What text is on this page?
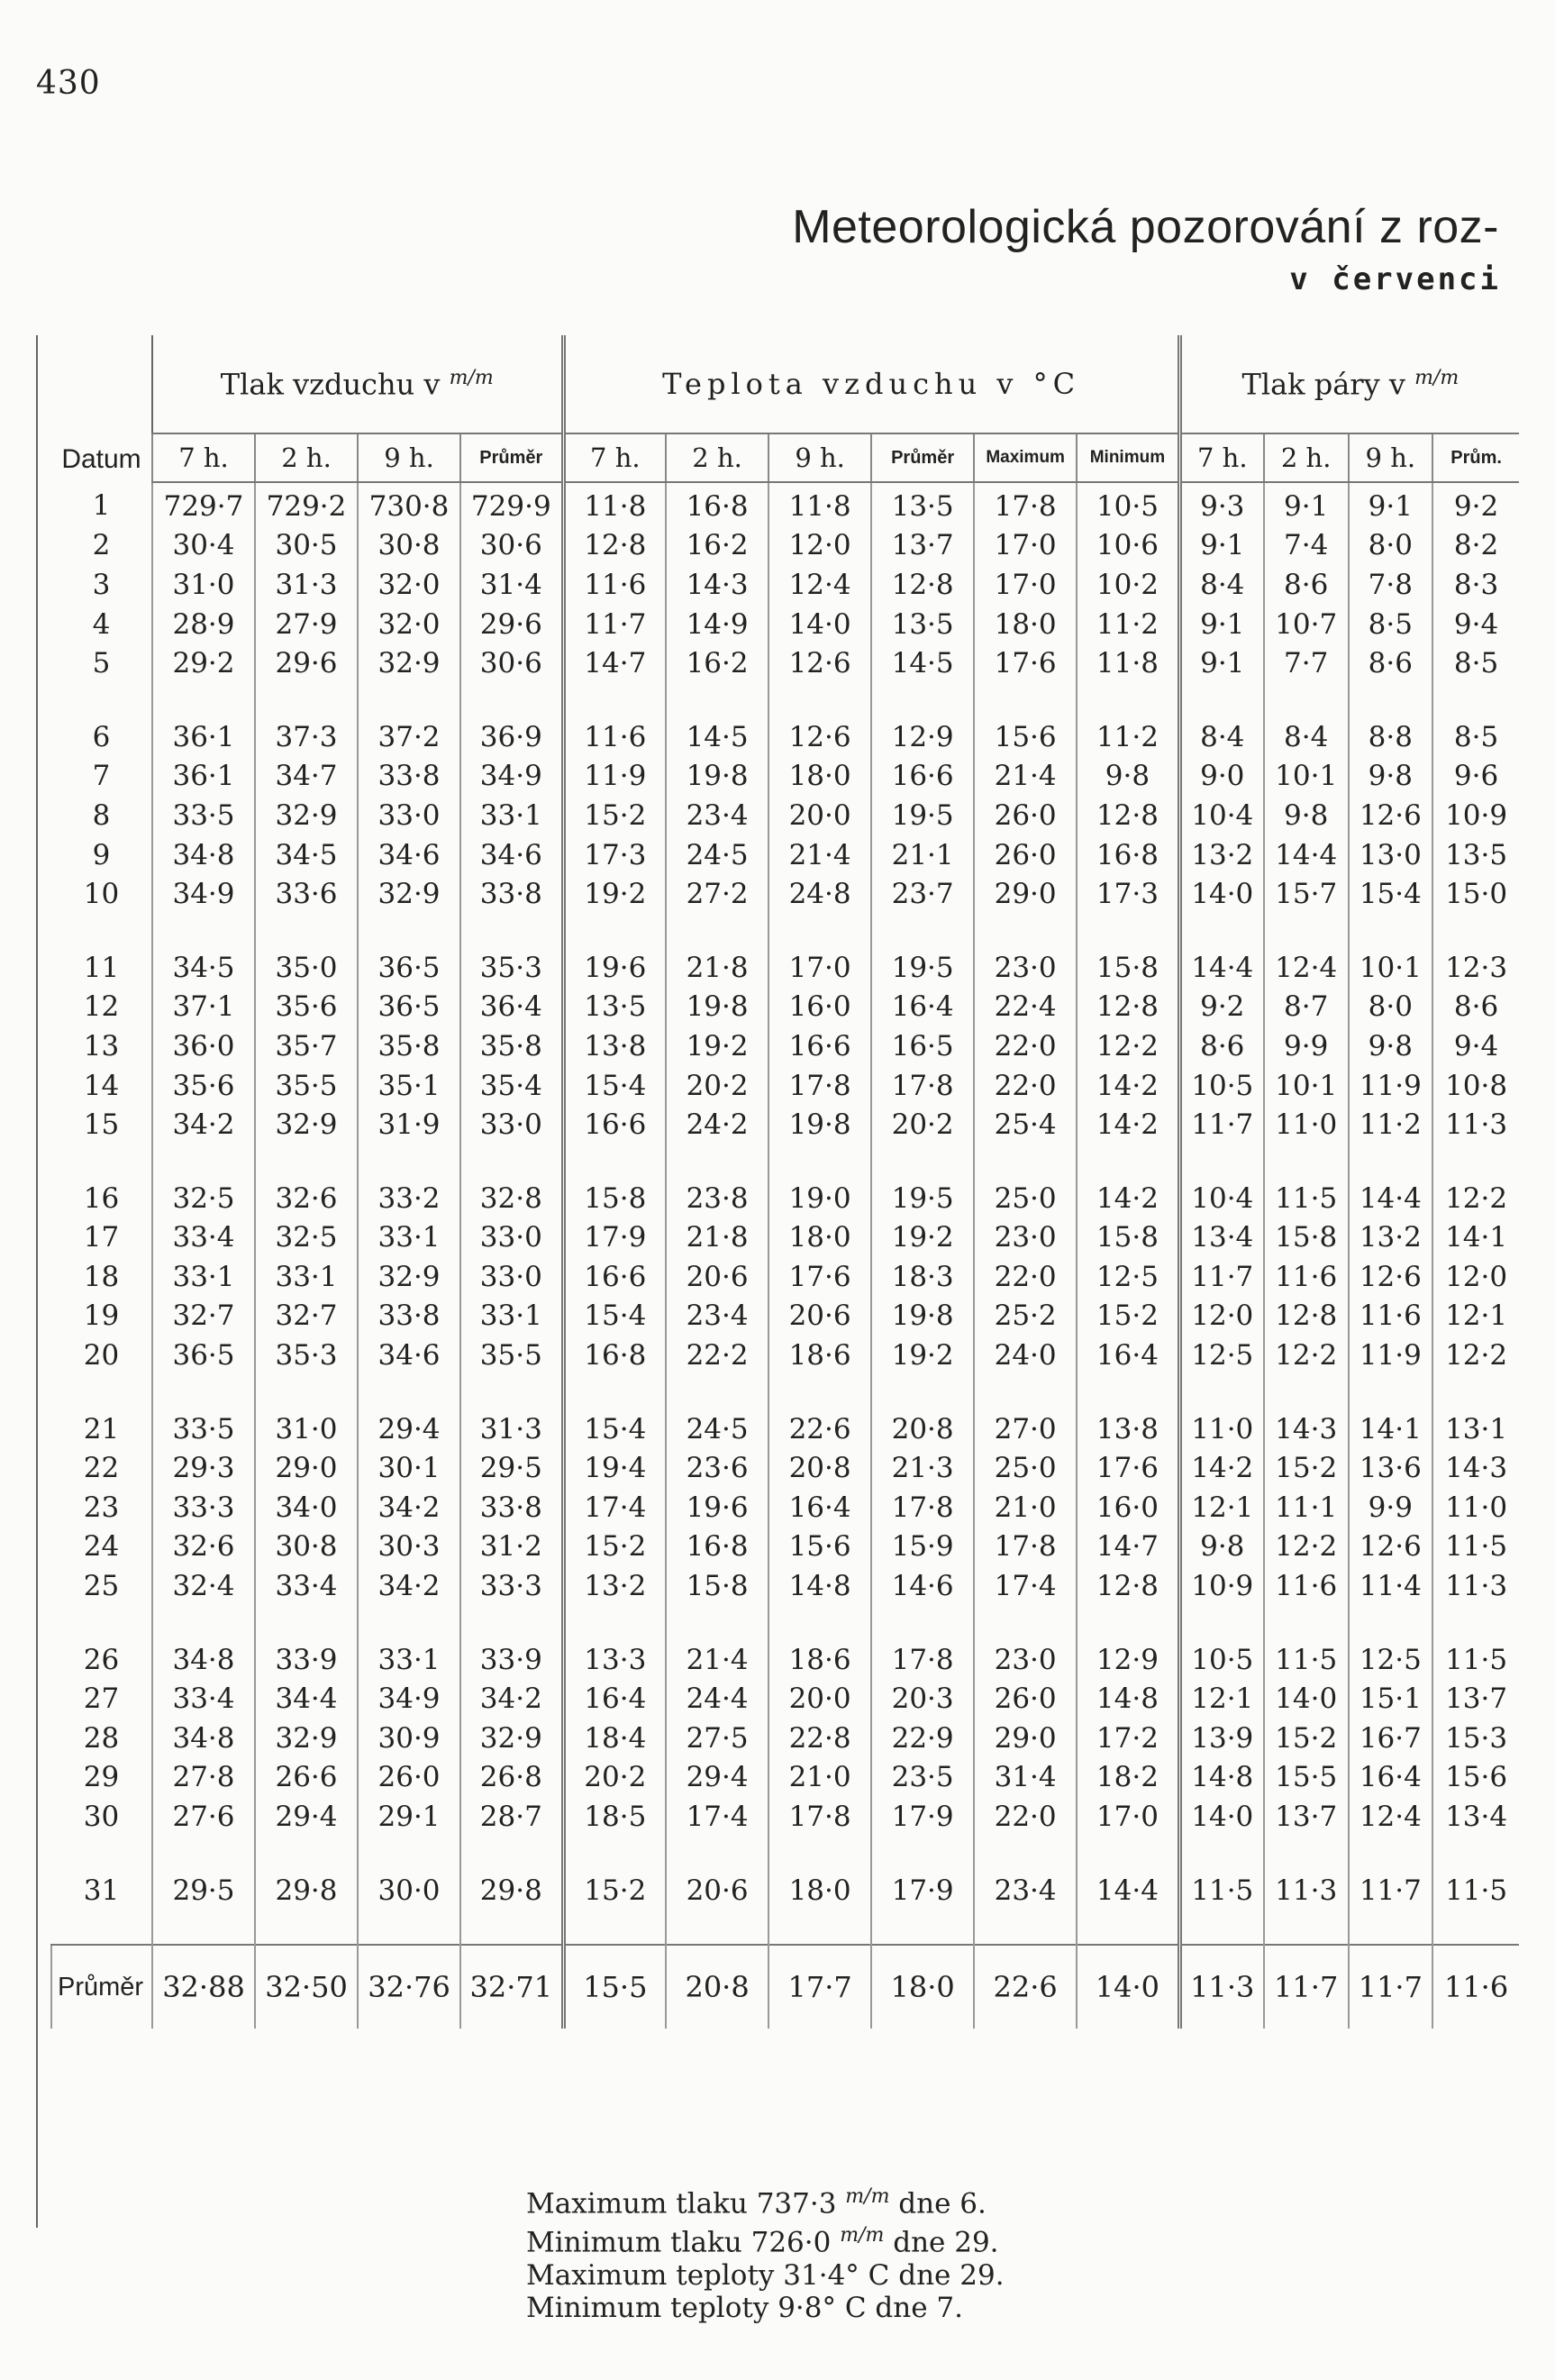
430
Meteorologická pozorování z roz-
v červenci
Datum	Tlak vzduchu v $^{m/m}$				Teplota vzduchu v °C						Tlak páry v $^{m/m}$
	7 h.	2 h.	9 h.	Průměr	7 h.	2 h.	9 h.	Průměr	Maximum	Minimum	7 h.	2 h.	9 h.	Prům.
1	729·7	729·2	730·8	729·9	11·8	16·8	11·8	13·5	17·8	10·5	9·3	9·1	9·1	9·2
2	30·4	30·5	30·8	30·6	12·8	16·2	12·0	13·7	17·0	10·6	9·1	7·4	8·0	8·2
3	31·0	31·3	32·0	31·4	11·6	14·3	12·4	12·8	17·0	10·2	8·4	8·6	7·8	8·3
4	28·9	27·9	32·0	29·6	11·7	14·9	14·0	13·5	18·0	11·2	9·1	10·7	8·5	9·4
5	29·2	29·6	32·9	30·6	14·7	16·2	12·6	14·5	17·6	11·8	9·1	7·7	8·6	8·5

6	36·1	37·3	37·2	36·9	11·6	14·5	12·6	12·9	15·6	11·2	8·4	8·4	8·8	8·5
7	36·1	34·7	33·8	34·9	11·9	19·8	18·0	16·6	21·4	9·8	9·0	10·1	9·8	9·6
8	33·5	32·9	33·0	33·1	15·2	23·4	20·0	19·5	26·0	12·8	10·4	9·8	12·6	10·9
9	34·8	34·5	34·6	34·6	17·3	24·5	21·4	21·1	26·0	16·8	13·2	14·4	13·0	13·5
10	34·9	33·6	32·9	33·8	19·2	27·2	24·8	23·7	29·0	17·3	14·0	15·7	15·4	15·0

11	34·5	35·0	36·5	35·3	19·6	21·8	17·0	19·5	23·0	15·8	14·4	12·4	10·1	12·3
12	37·1	35·6	36·5	36·4	13·5	19·8	16·0	16·4	22·4	12·8	9·2	8·7	8·0	8·6
13	36·0	35·7	35·8	35·8	13·8	19·2	16·6	16·5	22·0	12·2	8·6	9·9	9·8	9·4
14	35·6	35·5	35·1	35·4	15·4	20·2	17·8	17·8	22·0	14·2	10·5	10·1	11·9	10·8
15	34·2	32·9	31·9	33·0	16·6	24·2	19·8	20·2	25·4	14·2	11·7	11·0	11·2	11·3

16	32·5	32·6	33·2	32·8	15·8	23·8	19·0	19·5	25·0	14·2	10·4	11·5	14·4	12·2
17	33·4	32·5	33·1	33·0	17·9	21·8	18·0	19·2	23·0	15·8	13·4	15·8	13·2	14·1
18	33·1	33·1	32·9	33·0	16·6	20·6	17·6	18·3	22·0	12·5	11·7	11·6	12·6	12·0
19	32·7	32·7	33·8	33·1	15·4	23·4	20·6	19·8	25·2	15·2	12·0	12·8	11·6	12·1
20	36·5	35·3	34·6	35·5	16·8	22·2	18·6	19·2	24·0	16·4	12·5	12·2	11·9	12·2

21	33·5	31·0	29·4	31·3	15·4	24·5	22·6	20·8	27·0	13·8	11·0	14·3	14·1	13·1
22	29·3	29·0	30·1	29·5	19·4	23·6	20·8	21·3	25·0	17·6	14·2	15·2	13·6	14·3
23	33·3	34·0	34·2	33·8	17·4	19·6	16·4	17·8	21·0	16·0	12·1	11·1	9·9	11·0
24	32·6	30·8	30·3	31·2	15·2	16·8	15·6	15·9	17·8	14·7	9·8	12·2	12·6	11·5
25	32·4	33·4	34·2	33·3	13·2	15·8	14·8	14·6	17·4	12·8	10·9	11·6	11·4	11·3

26	34·8	33·9	33·1	33·9	13·3	21·4	18·6	17·8	23·0	12·9	10·5	11·5	12·5	11·5
27	33·4	34·4	34·9	34·2	16·4	24·4	20·0	20·3	26·0	14·8	12·1	14·0	15·1	13·7
28	34·8	32·9	30·9	32·9	18·4	27·5	22·8	22·9	29·0	17·2	13·9	15·2	16·7	15·3
29	27·8	26·6	26·0	26·8	20·2	29·4	21·0	23·5	31·4	18·2	14·8	15·5	16·4	15·6
30	27·6	29·4	29·1	28·7	18·5	17·4	17·8	17·9	22·0	17·0	14·0	13·7	12·4	13·4

31	29·5	29·8	30·0	29·8	15·2	20·6	18·0	17·9	23·4	14·4	11·5	11·3	11·7	11·5

Průměr	32·88	32·50	32·76	32·71	15·5	20·8	17·7	18·0	22·6	14·0	11·3	11·7	11·7	11·6
Maximum tlaku 737·3 $^{m/m}$ dne 6.
Minimum tlaku 726·0 $^{m/m}$ dne 29.
Maximum teploty 31·4° C dne 29.
Minimum teploty 9·8° C dne 7.
